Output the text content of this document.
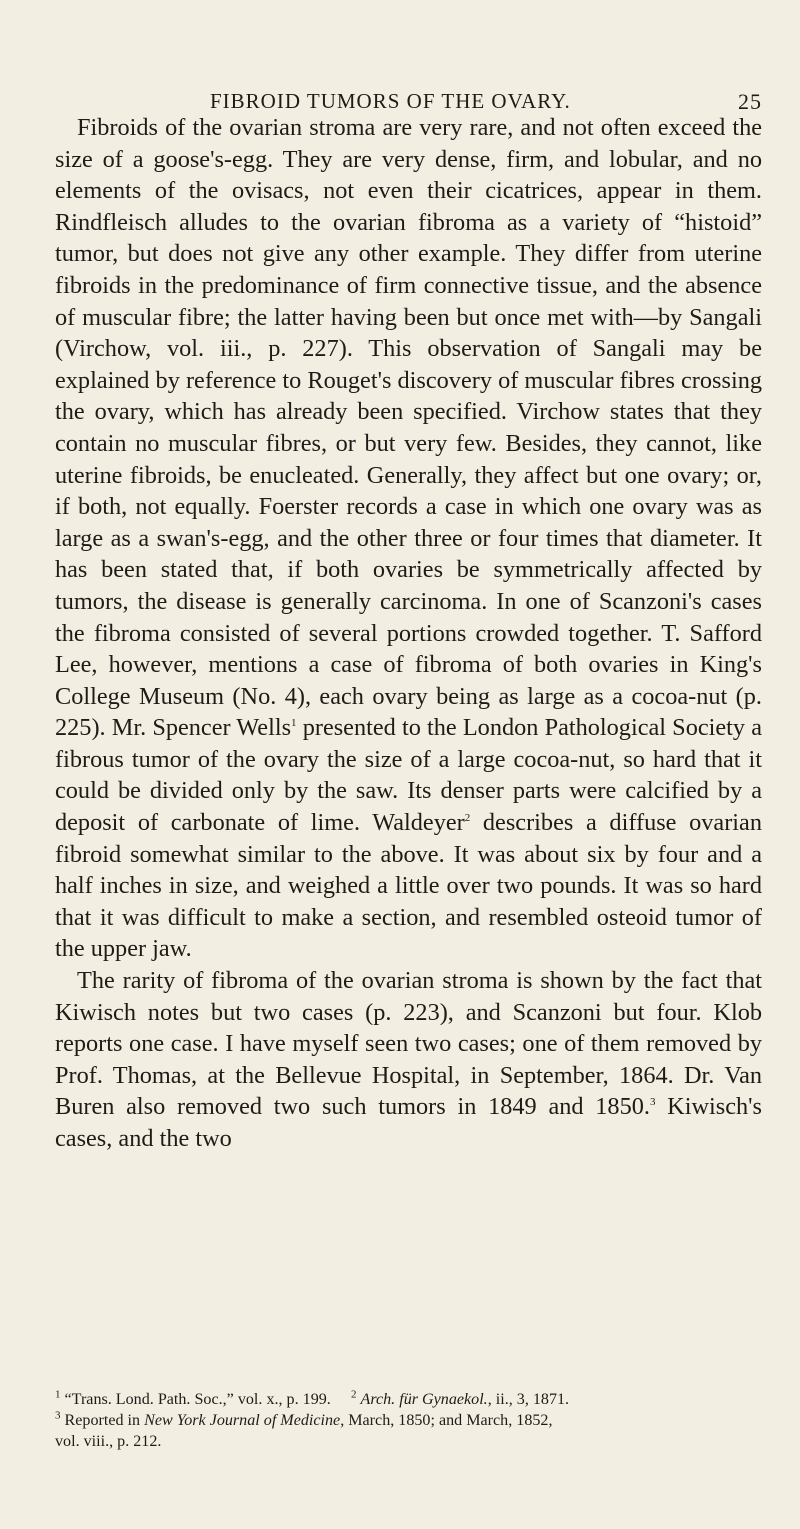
FIBROID TUMORS OF THE OVARY.	25

Fibroids of the ovarian stroma are very rare, and not often exceed the size of a goose's-egg. They are very dense, firm, and lobular, and no elements of the ovisacs, not even their cicatrices, appear in them. Rindfleisch alludes to the ovarian fibroma as a variety of “histoid” tumor, but does not give any other example. They differ from uterine fibroids in the predominance of firm connective tissue, and the absence of muscular fibre; the latter having been but once met with—by Sangali (Virchow, vol. iii., p. 227). This observation of Sangali may be explained by reference to Rouget's discovery of muscular fibres crossing the ovary, which has already been specified. Virchow states that they contain no muscular fibres, or but very few. Besides, they cannot, like uterine fibroids, be enucleated. Generally, they affect but one ovary; or, if both, not equally. Foerster records a case in which one ovary was as large as a swan's-egg, and the other three or four times that diameter. It has been stated that, if both ovaries be symmetrically affected by tumors, the disease is generally carcinoma. In one of Scanzoni's cases the fibroma consisted of several portions crowded together. T. Safford Lee, however, mentions a case of fibroma of both ovaries in King's College Museum (No. 4), each ovary being as large as a cocoa-nut (p. 225). Mr. Spencer Wells$^1$ presented to the London Pathological Society a fibrous tumor of the ovary the size of a large cocoa-nut, so hard that it could be divided only by the saw. Its denser parts were calcified by a deposit of carbonate of lime. Waldeyer$^2$ describes a diffuse ovarian fibroid somewhat similar to the above. It was about six by four and a half inches in size, and weighed a little over two pounds. It was so hard that it was difficult to make a section, and resembled osteoid tumor of the upper jaw.

The rarity of fibroma of the ovarian stroma is shown by the fact that Kiwisch notes but two cases (p. 223), and Scanzoni but four. Klob reports one case. I have myself seen two cases; one of them removed by Prof. Thomas, at the Bellevue Hospital, in September, 1864. Dr. Van Buren also removed two such tumors in 1849 and 1850.$^3$ Kiwisch's cases, and the two

$^1$ “Trans. Lond. Path. Soc.,” vol. x., p. 199. $^2$ Arch. für Gynaekol., ii., 3, 1871.
$^3$ Reported in New York Journal of Medicine, March, 1850; and March, 1852,
vol. viii., p. 212.
